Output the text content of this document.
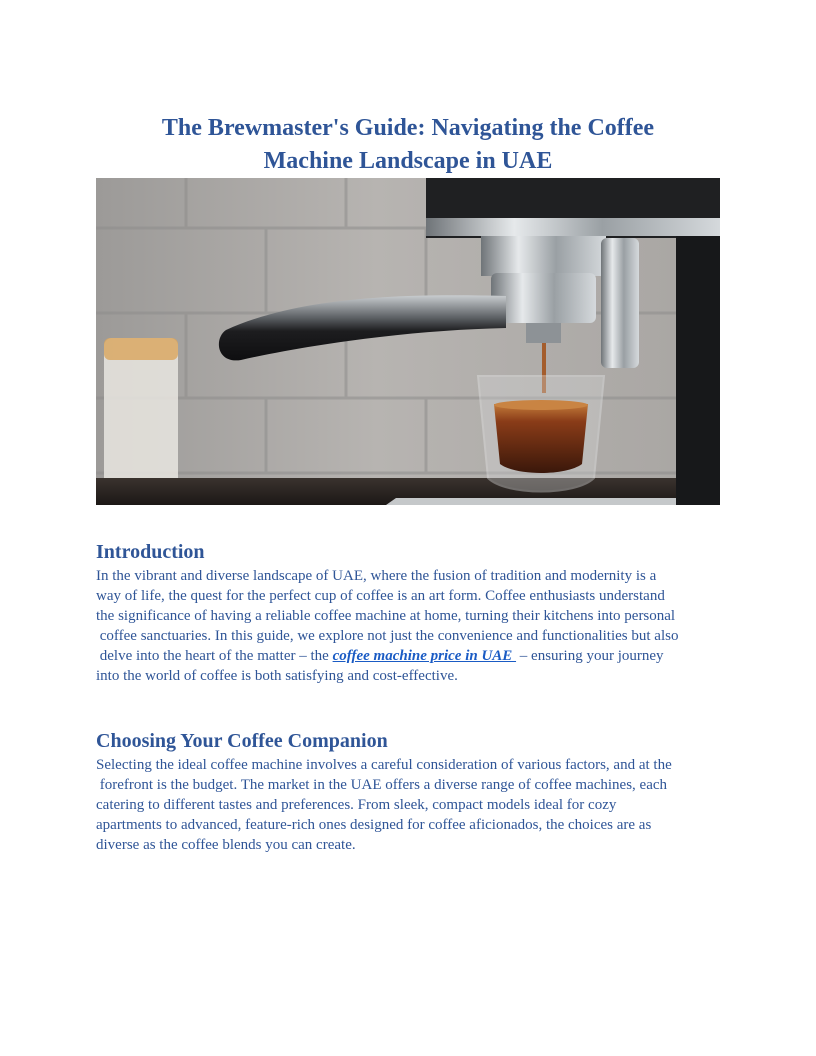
The Brewmaster's Guide: Navigating the Coffee
Machine Landscape in UAE
Introduction

In the vibrant and diverse landscape of UAE, where the fusion of tradition and modernity is a

way of life, the quest for the perfect cup of coffee is an art form. Coffee enthusiasts understand

the significance of having a reliable coffee machine at home, turning their kitchens into personal

coffee sanctuaries. In this guide, we explore not just the convenience and functionalities but also

delve into the heart of the matter – the coffee machine price in UAE  – ensuring your journey

into the world of coffee is both satisfying and cost-effective.

Choosing Your Coffee Companion

Selecting the ideal coffee machine involves a careful consideration of various factors, and at the

forefront is the budget. The market in the UAE offers a diverse range of coffee machines, each

catering to different tastes and preferences. From sleek, compact models ideal for cozy

apartments to advanced, feature-rich ones designed for coffee aficionados, the choices are as

diverse as the coffee blends you can create.
